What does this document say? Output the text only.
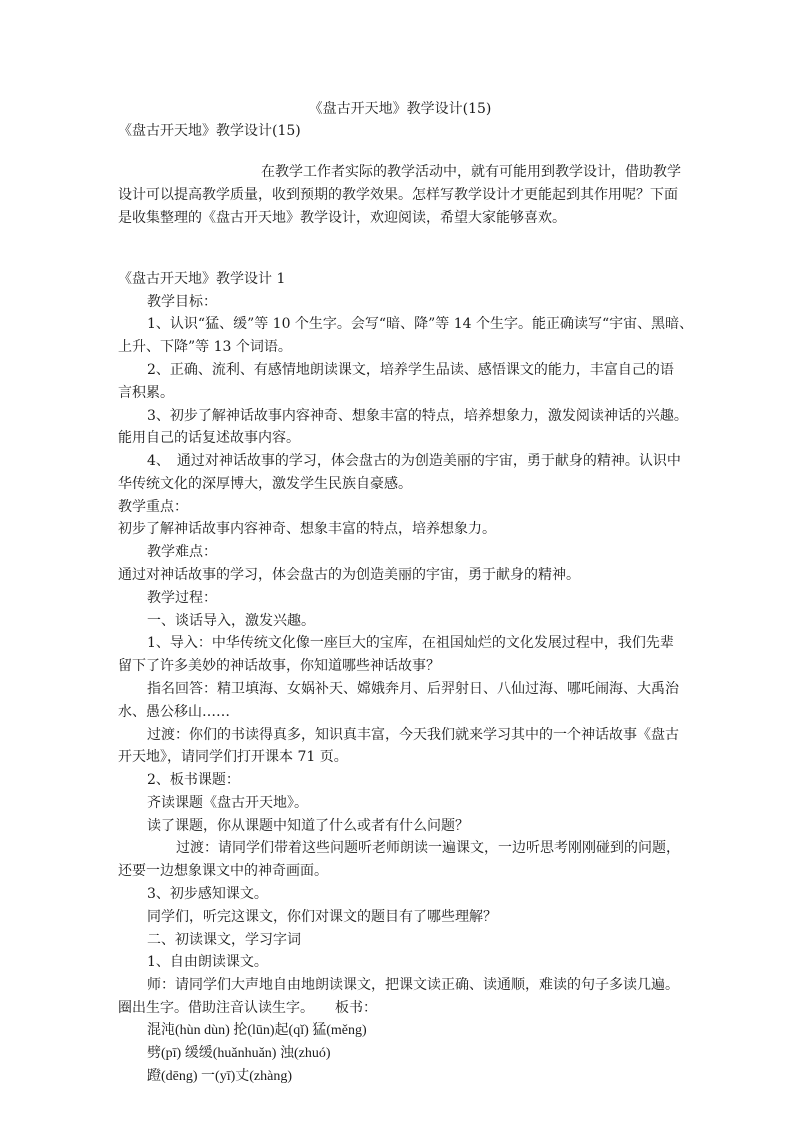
《盘古开天地》教学设计(15)
《盘古开天地》教学设计(15)
在教学工作者实际的教学活动中，就有可能用到教学设计，借助教学
设计可以提高教学质量，收到预期的教学效果。怎样写教学设计才更能起到其作用呢？下面
是收集整理的《盘古开天地》教学设计，欢迎阅读，希望大家能够喜欢。
《盘古开天地》教学设计 1
教学目标：
1、认识“猛、缓”等 10 个生字。会写“暗、降”等 14 个生字。能正确读写“宇宙、黑暗、
上升、下降”等 13 个词语。
2、正确、流利、有感情地朗读课文，培养学生品读、感悟课文的能力，丰富自己的语
言积累。
3、初步了解神话故事内容神奇、想象丰富的特点，培养想象力，激发阅读神话的兴趣。
能用自己的话复述故事内容。
4、　通过对神话故事的学习，体会盘古的为创造美丽的宇宙，勇于献身的精神。认识中
华传统文化的深厚博大，激发学生民族自豪感。
教学重点：
初步了解神话故事内容神奇、想象丰富的特点，培养想象力。
教学难点：
通过对神话故事的学习，体会盘古的为创造美丽的宇宙，勇于献身的精神。
教学过程：
一、谈话导入，激发兴趣。
1、导入：中华传统文化像一座巨大的宝库，在祖国灿烂的文化发展过程中，我们先辈
留下了许多美妙的神话故事，你知道哪些神话故事？
指名回答：精卫填海、女娲补天、嫦娥奔月、后羿射日、八仙过海、哪吒闹海、大禹治
水、愚公移山……
过渡：你们的书读得真多，知识真丰富，今天我们就来学习其中的一个神话故事《盘古
开天地》，请同学们打开课本 71 页。
2、板书课题：
齐读课题《盘古开天地》。
读了课题，你从课题中知道了什么或者有什么问题？
过渡：请同学们带着这些问题听老师朗读一遍课文，一边听思考刚刚碰到的问题，
还要一边想象课文中的神奇画面。
3、初步感知课文。
同学们，听完这课文，你们对课文的题目有了哪些理解？
二、初读课文，学习字词
1、自由朗读课文。
师：请同学们大声地自由地朗读课文，把课文读正确、读通顺，难读的句子多读几遍。
圈出生字。借助注音认读生字。　　板书：
混沌(hùn dùn) 抡(lūn)起(qǐ) 猛(měng)
劈(pī) 缓缓(huǎnhuǎn) 浊(zhuó)
蹬(dēng) 一(yī)丈(zhàng)
